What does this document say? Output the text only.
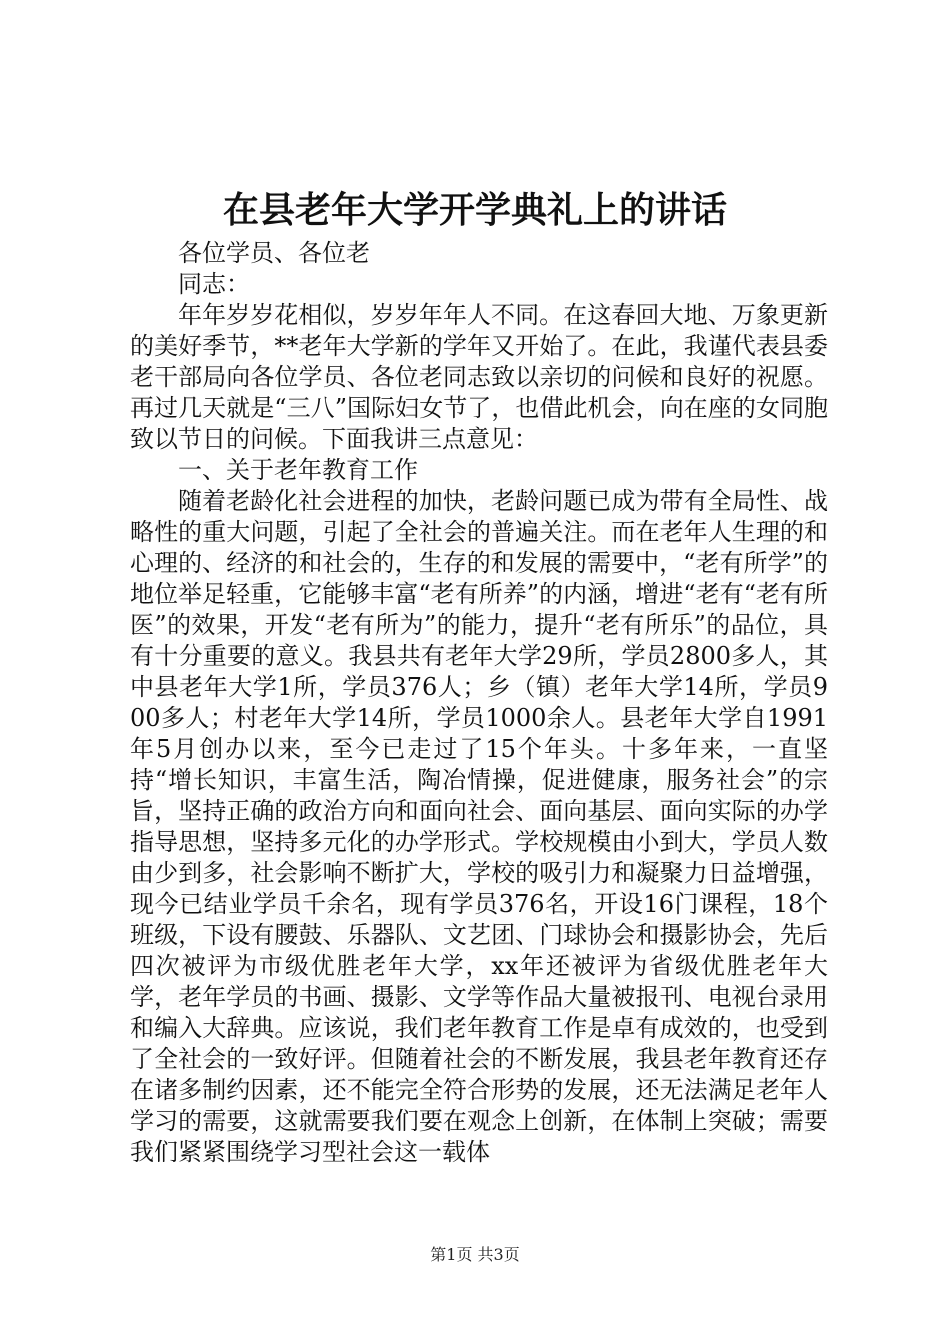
在县老年大学开学典礼上的讲话

各位学员、各位老

同志：

年年岁岁花相似，岁岁年年人不同。在这春回大地、万象更新的美好季节，**老年大学新的学年又开始了。在此，我谨代表县委老干部局向各位学员、各位老同志致以亲切的问候和良好的祝愿。再过几天就是“三八”国际妇女节了，也借此机会，向在座的女同胞致以节日的问候。下面我讲三点意见：

一、关于老年教育工作

随着老龄化社会进程的加快，老龄问题已成为带有全局性、战略性的重大问题，引起了全社会的普遍关注。而在老年人生理的和心理的、经济的和社会的，生存的和发展的需要中，“老有所学”的地位举足轻重，它能够丰富“老有所养”的内涵，增进“老有“老有所医”的效果，开发“老有所为”的能力，提升“老有所乐”的品位，具有十分重要的意义。我县共有老年大学29所，学员2800多人，其中县老年大学1所，学员376人；乡（镇）老年大学14所，学员900多人；村老年大学14所，学员1000余人。县老年大学自1991年5月创办以来，至今已走过了15个年头。十多年来，一直坚持“增长知识，丰富生活，陶冶情操，促进健康，服务社会”的宗旨，坚持正确的政治方向和面向社会、面向基层、面向实际的办学指导思想，坚持多元化的办学形式。学校规模由小到大，学员人数由少到多，社会影响不断扩大，学校的吸引力和凝聚力日益增强，现今已结业学员千余名，现有学员376名，开设16门课程，18个班级，下设有腰鼓、乐器队、文艺团、门球协会和摄影协会，先后四次被评为市级优胜老年大学，xx年还被评为省级优胜老年大学，老年学员的书画、摄影、文学等作品大量被报刊、电视台录用和编入大辞典。应该说，我们老年教育工作是卓有成效的，也受到了全社会的一致好评。但随着社会的不断发展，我县老年教育还存在诸多制约因素，还不能完全符合形势的发展，还无法满足老年人学习的需要，这就需要我们要在观念上创新，在体制上突破；需要我们紧紧围绕学习型社会这一载体

第1页 共3页
